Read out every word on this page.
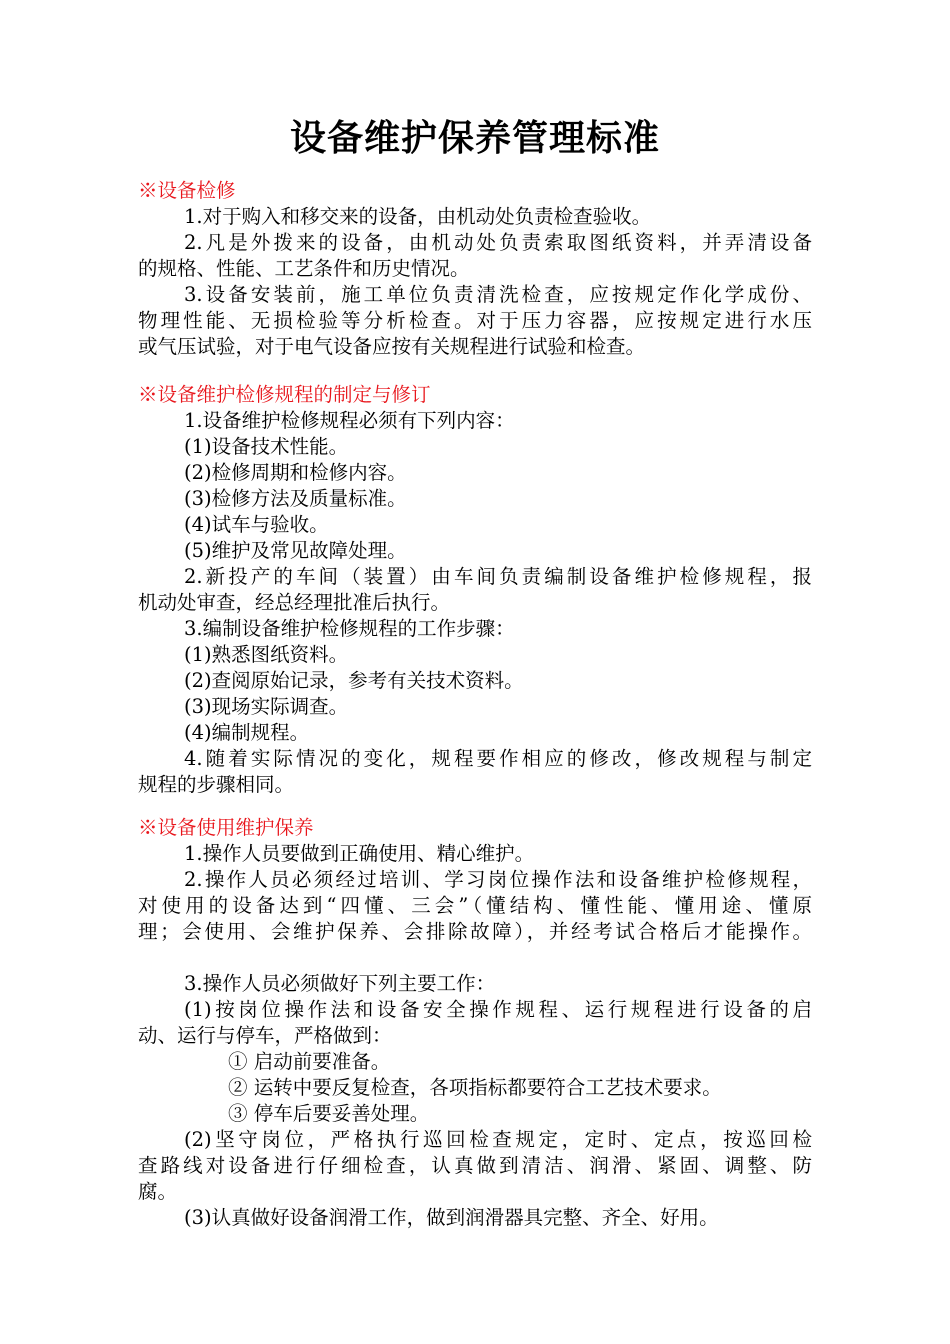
设备维护保养管理标准
※设备检修
1.对于购入和移交来的设备，由机动处负责检查验收。
2.凡是外拨来的设备，由机动处负责索取图纸资料，并弄清设备
的规格、性能、工艺条件和历史情况。
3.设备安装前，施工单位负责清洗检查，应按规定作化学成份、
物理性能、无损检验等分析检查。对于压力容器，应按规定进行水压
或气压试验，对于电气设备应按有关规程进行试验和检查。
※设备维护检修规程的制定与修订
1.设备维护检修规程必须有下列内容：
(1)设备技术性能。
(2)检修周期和检修内容。
(3)检修方法及质量标准。
(4)试车与验收。
(5)维护及常见故障处理。
2.新投产的车间（装置）由车间负责编制设备维护检修规程，报
机动处审查，经总经理批准后执行。
3.编制设备维护检修规程的工作步骤：
(1)熟悉图纸资料。
(2)查阅原始记录，参考有关技术资料。
(3)现场实际调查。
(4)编制规程。
4.随着实际情况的变化，规程要作相应的修改，修改规程与制定
规程的步骤相同。
※设备使用维护保养
1.操作人员要做到正确使用、精心维护。
2.操作人员必须经过培训、学习岗位操作法和设备维护检修规程，
对使用的设备达到“四懂、三会”（懂结构、懂性能、懂用途、懂原
理；会使用、会维护保养、会排除故障），并经考试合格后才能操作。
3.操作人员必须做好下列主要工作：
(1)按岗位操作法和设备安全操作规程、运行规程进行设备的启
动、运行与停车，严格做到：
① 启动前要准备。
② 运转中要反复检查，各项指标都要符合工艺技术要求。
③ 停车后要妥善处理。
(2)坚守岗位，严格执行巡回检查规定，定时、定点，按巡回检
查路线对设备进行仔细检查，认真做到清洁、润滑、紧固、调整、防
腐。
(3)认真做好设备润滑工作，做到润滑器具完整、齐全、好用。
